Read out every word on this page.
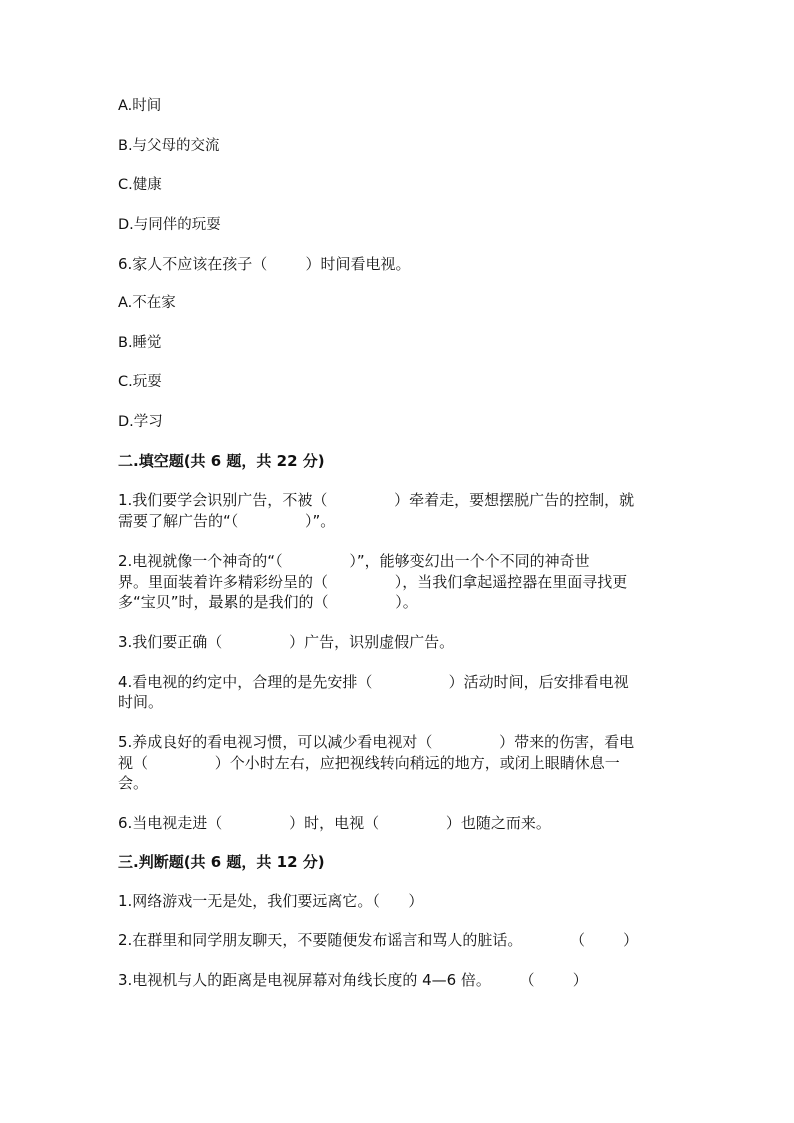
A.时间
B.与父母的交流
C.健康
D.与同伴的玩耍
6.家人不应该在孩子（        ）时间看电视。
A.不在家
B.睡觉
C.玩耍
D.学习
二.填空题(共 6 题，共 22 分)
1.我们要学会识别广告，不被（              ）牵着走，要想摆脱广告的控制，就
需要了解广告的“（              ）”。
2.电视就像一个神奇的“（              ）”，能够变幻出一个个不同的神奇世
界。里面装着许多精彩纷呈的（              ），当我们拿起遥控器在里面寻找更
多“宝贝”时，最累的是我们的（              ）。
3.我们要正确（              ）广告，识别虚假广告。
4.看电视的约定中，合理的是先安排（                ）活动时间，后安排看电视
时间。
5.养成良好的看电视习惯，可以减少看电视对（              ）带来的伤害，看电
视（              ）个小时左右，应把视线转向稍远的地方，或闭上眼睛休息一
会。
6.当电视走进（              ）时，电视（              ）也随之而来。
三.判断题(共 6 题，共 12 分)
1.网络游戏一无是处，我们要远离它。（      ）
2.在群里和同学朋友聊天，不要随便发布谣言和骂人的脏话。          （        ）
3.电视机与人的距离是电视屏幕对角线长度的 4—6 倍。      （        ）
